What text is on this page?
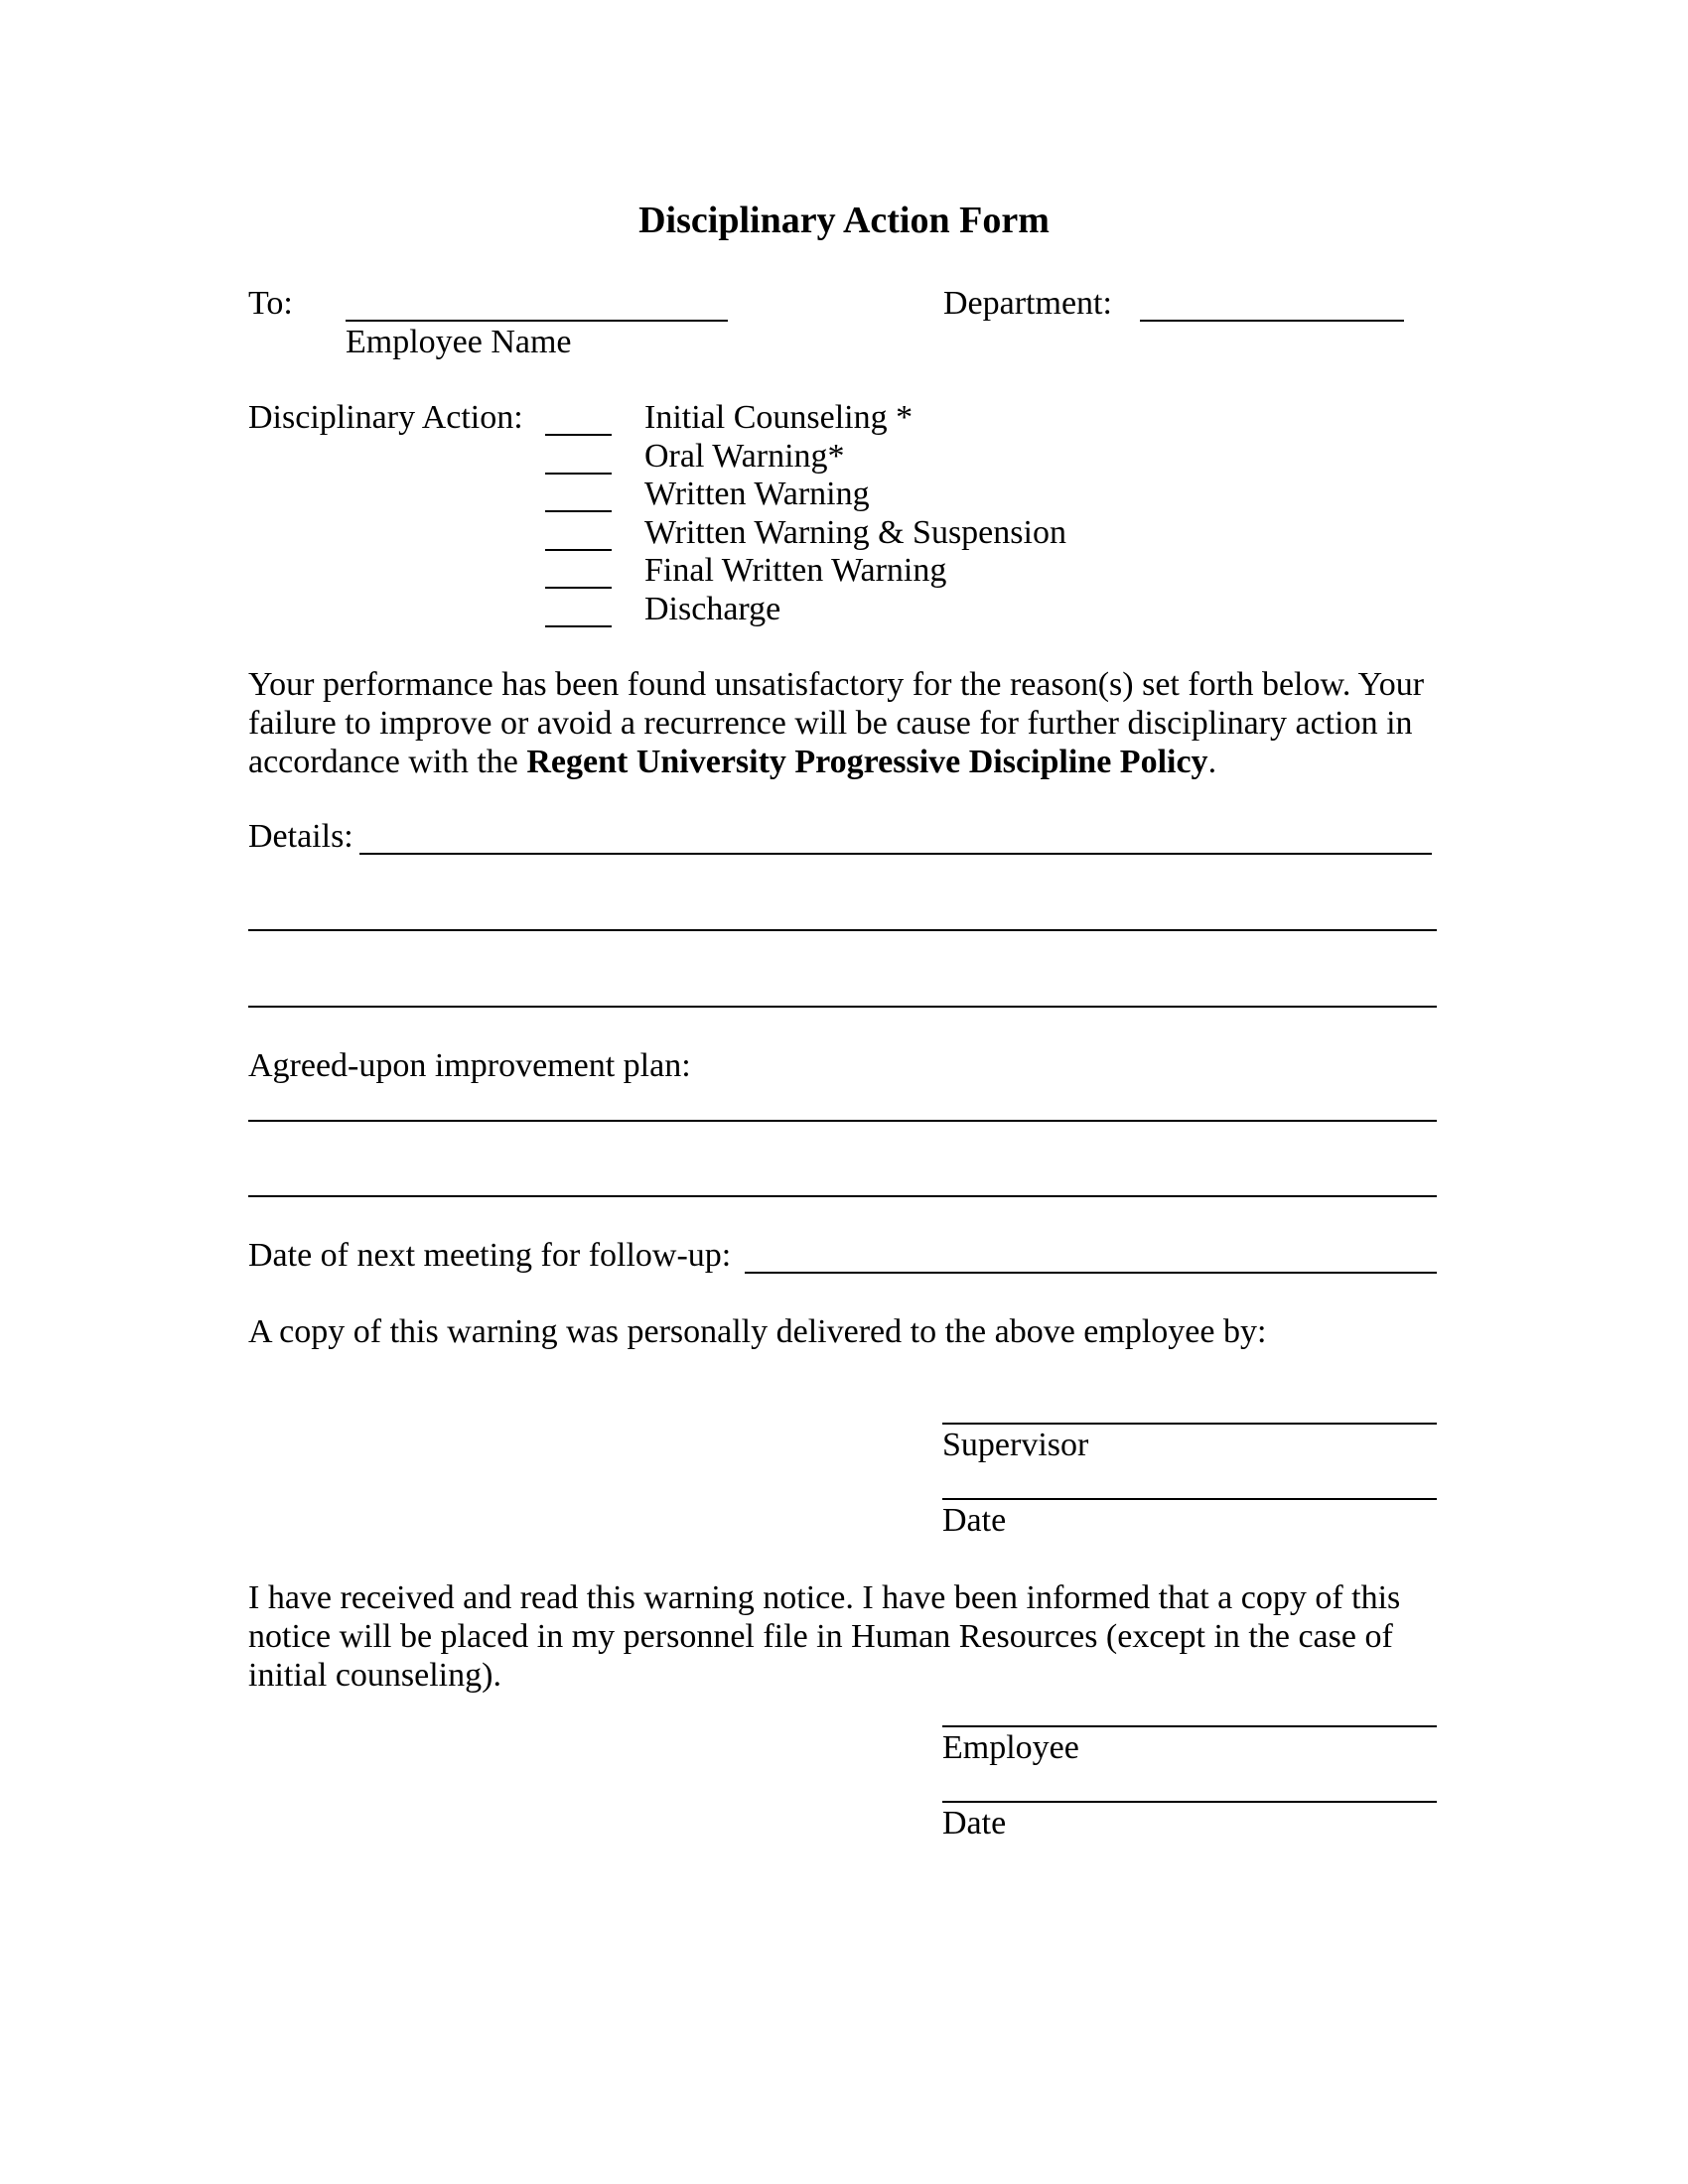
Disciplinary Action Form
To:
Employee Name
Department:
Disciplinary Action:	Initial Counseling *
Oral Warning*
Written Warning
Written Warning & Suspension
Final Written Warning
Discharge
Your performance has been found unsatisfactory for the reason(s) set forth below. Your failure to improve or avoid a recurrence will be cause for further disciplinary action in accordance with the Regent University Progressive Discipline Policy.
Details:
Agreed-upon improvement plan:
Date of next meeting for follow-up:
A copy of this warning was personally delivered to the above employee by:
Supervisor
Date
I have received and read this warning notice. I have been informed that a copy of this notice will be placed in my personnel file in Human Resources (except in the case of initial counseling).
Employee
Date
